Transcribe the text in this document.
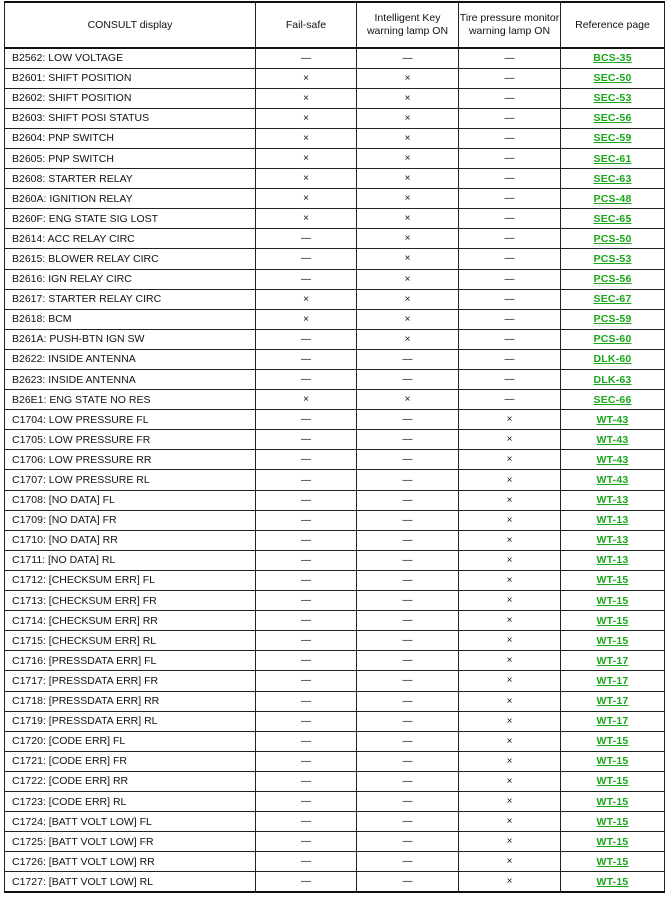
CONSULT display	Fail-safe	Intelligent Key warning lamp ON	Tire pressure monitor warning lamp ON	Reference page
B2562: LOW VOLTAGE	—	—	—	BCS-35
B2601: SHIFT POSITION	×	×	—	SEC-50
B2602: SHIFT POSITION	×	×	—	SEC-53
B2603: SHIFT POSI STATUS	×	×	—	SEC-56
B2604: PNP SWITCH	×	×	—	SEC-59
B2605: PNP SWITCH	×	×	—	SEC-61
B2608: STARTER RELAY	×	×	—	SEC-63
B260A: IGNITION RELAY	×	×	—	PCS-48
B260F: ENG STATE SIG LOST	×	×	—	SEC-65
B2614: ACC RELAY CIRC	—	×	—	PCS-50
B2615: BLOWER RELAY CIRC	—	×	—	PCS-53
B2616: IGN RELAY CIRC	—	×	—	PCS-56
B2617: STARTER RELAY CIRC	×	×	—	SEC-67
B2618: BCM	×	×	—	PCS-59
B261A: PUSH-BTN IGN SW	—	×	—	PCS-60
B2622: INSIDE ANTENNA	—	—	—	DLK-60
B2623: INSIDE ANTENNA	—	—	—	DLK-63
B26E1: ENG STATE NO RES	×	×	—	SEC-66
C1704: LOW PRESSURE FL	—	—	×	WT-43
C1705: LOW PRESSURE FR	—	—	×	WT-43
C1706: LOW PRESSURE RR	—	—	×	WT-43
C1707: LOW PRESSURE RL	—	—	×	WT-43
C1708: [NO DATA] FL	—	—	×	WT-13
C1709: [NO DATA] FR	—	—	×	WT-13
C1710: [NO DATA] RR	—	—	×	WT-13
C1711: [NO DATA] RL	—	—	×	WT-13
C1712: [CHECKSUM ERR] FL	—	—	×	WT-15
C1713: [CHECKSUM ERR] FR	—	—	×	WT-15
C1714: [CHECKSUM ERR] RR	—	—	×	WT-15
C1715: [CHECKSUM ERR] RL	—	—	×	WT-15
C1716: [PRESSDATA ERR] FL	—	—	×	WT-17
C1717: [PRESSDATA ERR] FR	—	—	×	WT-17
C1718: [PRESSDATA ERR] RR	—	—	×	WT-17
C1719: [PRESSDATA ERR] RL	—	—	×	WT-17
C1720: [CODE ERR] FL	—	—	×	WT-15
C1721: [CODE ERR] FR	—	—	×	WT-15
C1722: [CODE ERR] RR	—	—	×	WT-15
C1723: [CODE ERR] RL	—	—	×	WT-15
C1724: [BATT VOLT LOW] FL	—	—	×	WT-15
C1725: [BATT VOLT LOW] FR	—	—	×	WT-15
C1726: [BATT VOLT LOW] RR	—	—	×	WT-15
C1727: [BATT VOLT LOW] RL	—	—	×	WT-15
